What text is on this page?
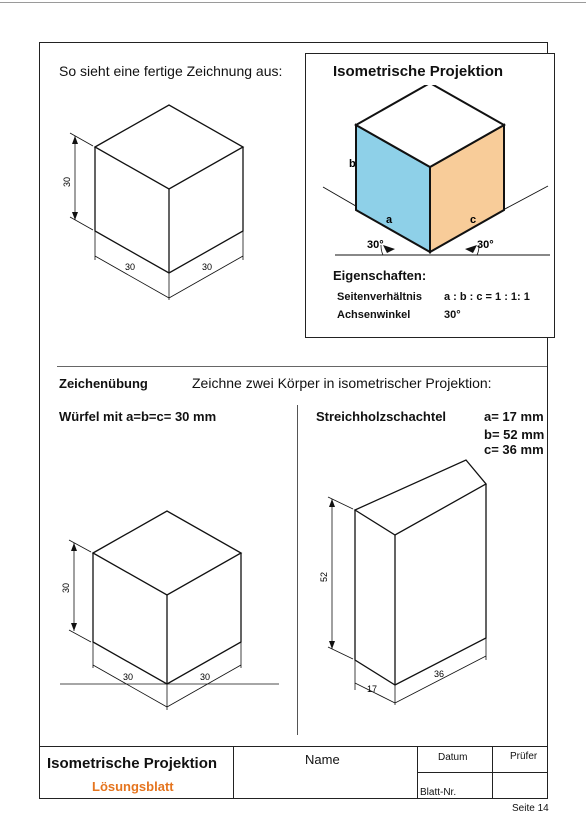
So sieht eine fertige Zeichnung aus:
30
30	30
Isometrische Projektion
b
a	c
30°	30°
Eigenschaften:
Seitenverhältnis a : b : c = 1 : 1: 1
Achsenwinkel	30°
Zeichenübung	Zeichne zwei Körper in isometrischer Projektion:
Würfel mit a=b=c= 30 mm	Streichholzschachtel	a= 17 mm
b= 52 mm
c= 36 mm
30
30	30
52
17
36
Isometrische Projektion
Lösungsblatt
Name	Datum	Prüfer
Blatt-Nr.
Seite 14
